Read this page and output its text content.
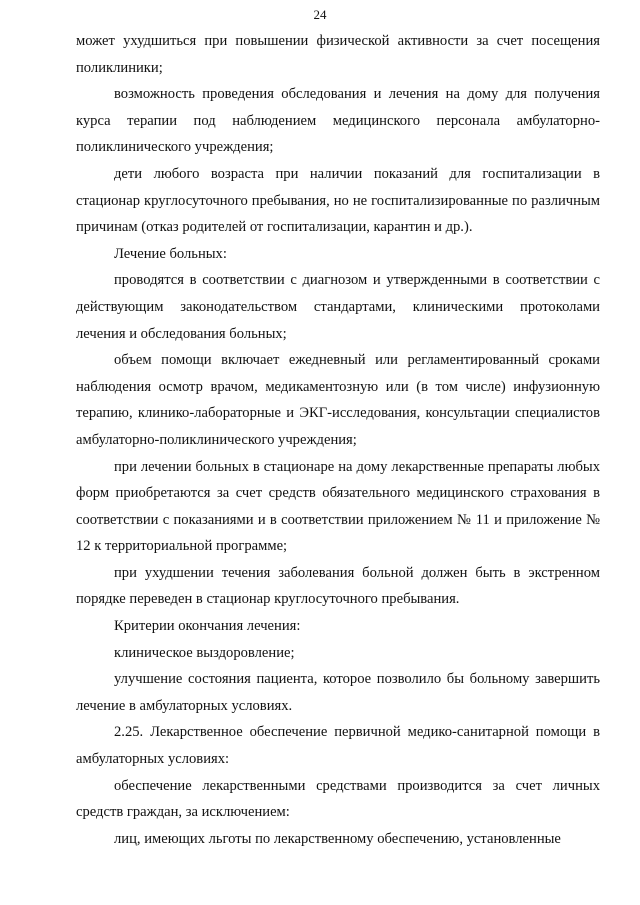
24

может ухудшиться при повышении физической активности за счет посещения поликлиники;

возможность проведения обследования и лечения на дому для получения курса терапии под наблюдением медицинского персонала амбулаторно-поликлинического учреждения;

дети любого возраста при наличии показаний для госпитализации в стационар круглосуточного пребывания, но не госпитализированные по различным причинам (отказ родителей от госпитализации, карантин и др.).

Лечение больных:

проводятся в соответствии с диагнозом и утвержденными в соответствии с действующим законодательством стандартами, клиническими протоколами лечения и обследования больных;

объем помощи включает ежедневный или регламентированный сроками наблюдения осмотр врачом, медикаментозную или (в том числе) инфузионную терапию, клинико-лабораторные и ЭКГ-исследования, консультации специалистов амбулаторно-поликлинического учреждения;

при лечении больных в стационаре на дому лекарственные препараты любых форм приобретаются за счет средств обязательного медицинского страхования в соответствии с показаниями и в соответствии приложением № 11 и приложение № 12 к территориальной программе;

при ухудшении течения заболевания больной должен быть в экстренном порядке переведен в стационар круглосуточного пребывания.

Критерии окончания лечения:

клиническое выздоровление;

улучшение состояния пациента, которое позволило бы больному завершить лечение в амбулаторных условиях.

2.25. Лекарственное обеспечение первичной медико-санитарной помощи в амбулаторных условиях:

обеспечение лекарственными средствами производится за счет личных средств граждан, за исключением:

лиц, имеющих льготы по лекарственному обеспечению, установленные
